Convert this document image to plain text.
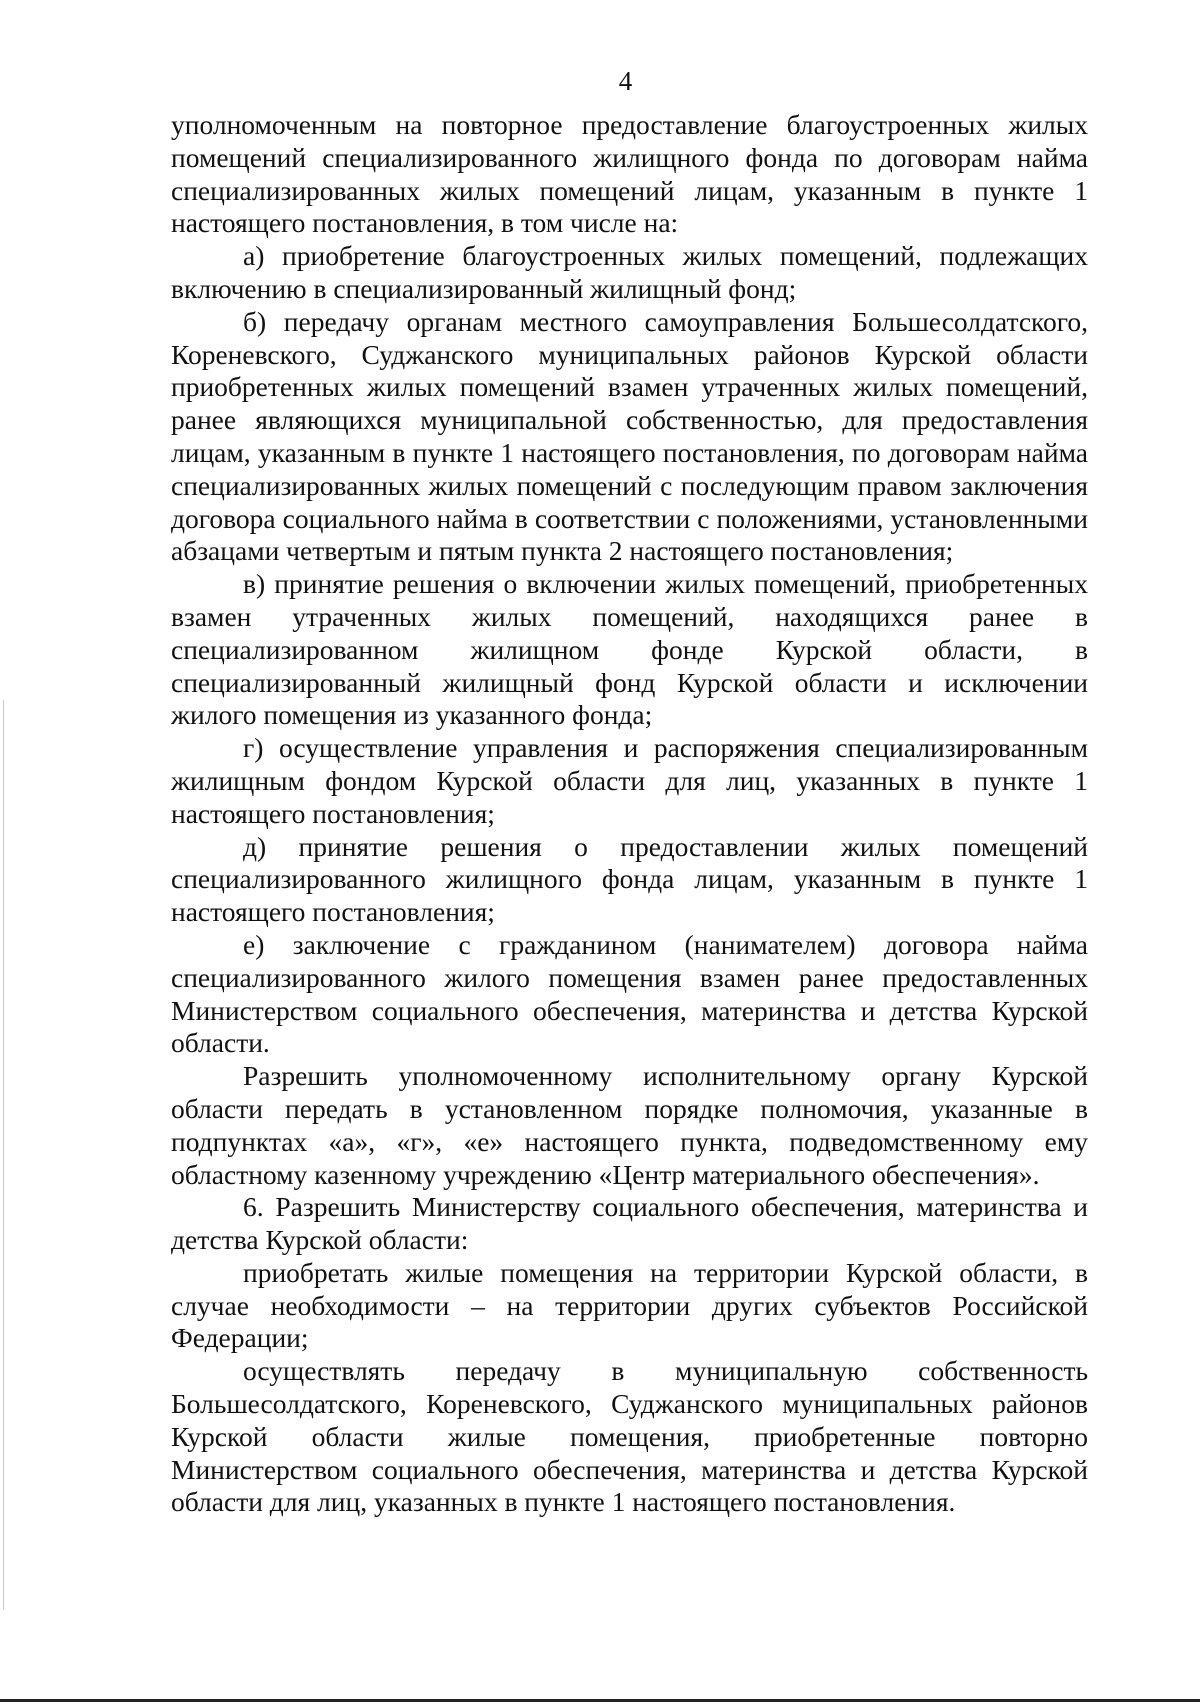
4

уполномоченным на повторное предоставление благоустроенных жилых помещений специализированного жилищного фонда по договорам найма специализированных жилых помещений лицам, указанным в пункте 1 настоящего постановления, в том числе на:

а) приобретение благоустроенных жилых помещений, подлежащих включению в специализированный жилищный фонд;

б) передачу органам местного самоуправления Большесолдатского, Кореневского, Суджанского муниципальных районов Курской области приобретенных жилых помещений взамен утраченных жилых помещений, ранее являющихся муниципальной собственностью, для предоставления лицам, указанным в пункте 1 настоящего постановления, по договорам найма специализированных жилых помещений с последующим правом заключения договора социального найма в соответствии с положениями, установленными абзацами четвертым и пятым пункта 2 настоящего постановления;

в) принятие решения о включении жилых помещений, приобретенных взамен утраченных жилых помещений, находящихся ранее в специализированном жилищном фонде Курской области, в специализированный жилищный фонд Курской области и исключении жилого помещения из указанного фонда;

г) осуществление управления и распоряжения специализированным жилищным фондом Курской области для лиц, указанных в пункте 1 настоящего постановления;

д) принятие решения о предоставлении жилых помещений специализированного жилищного фонда лицам, указанным в пункте 1 настоящего постановления;

е) заключение с гражданином (нанимателем) договора найма специализированного жилого помещения взамен ранее предоставленных Министерством социального обеспечения, материнства и детства Курской области.

Разрешить уполномоченному исполнительному органу Курской области передать в установленном порядке полномочия, указанные в подпунктах «а», «г», «е» настоящего пункта, подведомственному ему областному казенному учреждению «Центр материального обеспечения».

6. Разрешить Министерству социального обеспечения, материнства и детства Курской области:

приобретать жилые помещения на территории Курской области, в случае необходимости – на территории других субъектов Российской Федерации;

осуществлять передачу в муниципальную собственность Большесолдатского, Кореневского, Суджанского муниципальных районов Курской области жилые помещения, приобретенные повторно Министерством социального обеспечения, материнства и детства Курской области для лиц, указанных в пункте 1 настоящего постановления.
